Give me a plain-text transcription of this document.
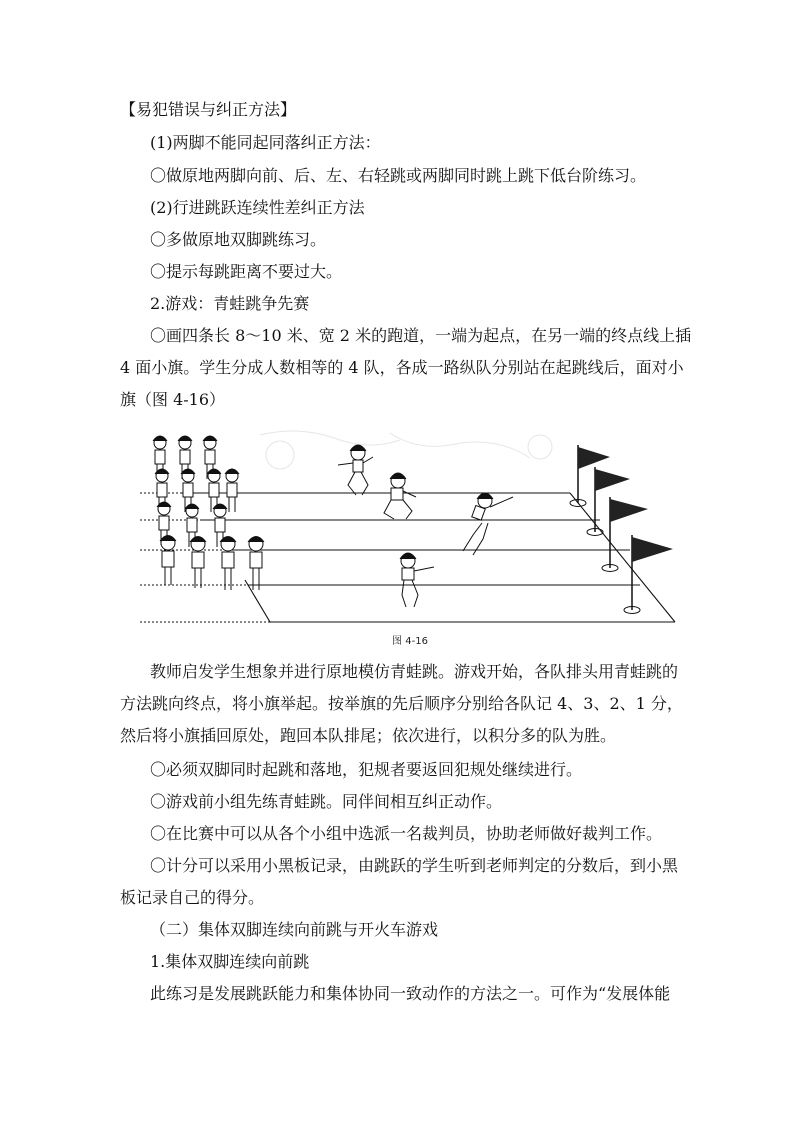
【易犯错误与纠正方法】
(1)两脚不能同起同落纠正方法：
〇做原地两脚向前、后、左、右轻跳或两脚同时跳上跳下低台阶练习。
(2)行进跳跃连续性差纠正方法
〇多做原地双脚跳练习。
〇提示每跳距离不要过大。
2.游戏：青蛙跳争先赛
〇画四条长 8～10 米、宽 2 米的跑道，一端为起点，在另一端的终点线上插
4 面小旗。学生分成人数相等的 4 队，各成一路纵队分别站在起跳线后，面对小
旗（图 4-16）
图 4-16
教师启发学生想象并进行原地模仿青蛙跳。游戏开始，各队排头用青蛙跳的
方法跳向终点，将小旗举起。按举旗的先后顺序分别给各队记 4、3、2、1 分，
然后将小旗插回原处，跑回本队排尾；依次进行，以积分多的队为胜。
〇必须双脚同时起跳和落地，犯规者要返回犯规处继续进行。
〇游戏前小组先练青蛙跳。同伴间相互纠正动作。
〇在比赛中可以从各个小组中选派一名裁判员，协助老师做好裁判工作。
〇计分可以采用小黑板记录，由跳跃的学生听到老师判定的分数后，到小黑
板记录自己的得分。
（二）集体双脚连续向前跳与开火车游戏
1.集体双脚连续向前跳
此练习是发展跳跃能力和集体协同一致动作的方法之一。可作为“发展体能
